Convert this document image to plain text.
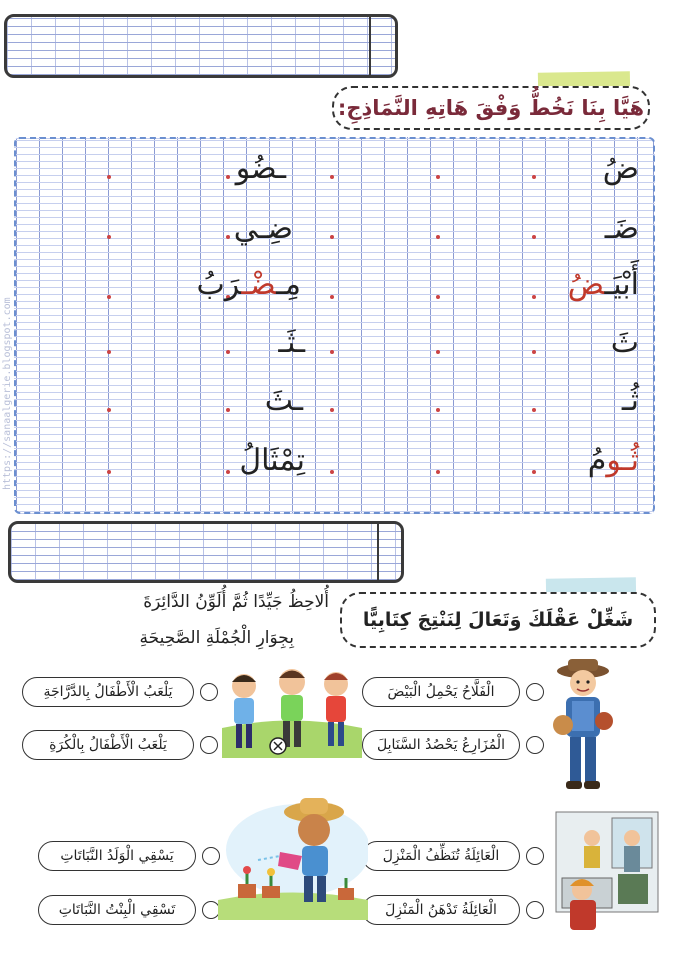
هَيَّا بِنَا نَخُطُّ وَفْقَ هَاتِهِ النَّمَاذِجِ:
https://sanaalgerie.blogspot.com
ضُ
ضَـ
أَبْيَـضُ
ثَ
ثُـ
ثُـومُ
ـضُو
ضِـي
مِـضْـرَبُ
ـثَـ
ـثَ
تِمْثَالُ
شَغِّلْ عَقْلَكَ وَتَعَالَ لِنَنْتِجَ كِتَابِيًّا
أُلاحِظُ جَيِّدًا ثُمَّ أُلَوِّنُ الدَّائِرَةَ
بِجِوَارِ الْجُمْلَةِ الصَّحِيحَةِ
الْفَلَّاحُ يَحْمِلُ الْبَيْضَ
الْمُزَارِعُ يَحْصُدُ السَّنَابِلَ
يَلْعَبُ الْأَطْفَالُ بِالدَّرَّاجَةِ
يَلْعَبُ الْأَطْفَالُ بِالْكُرَةِ
الْعَائِلَةُ تُنَظِّفُ الْمَنْزِلَ
الْعَائِلَةُ تَدْهَنُ الْمَنْزِلَ
يَسْقِي الْوَلَدُ النَّبَاتَاتِ
تَسْقِي الْبِنْتُ النَّبَاتَاتِ
